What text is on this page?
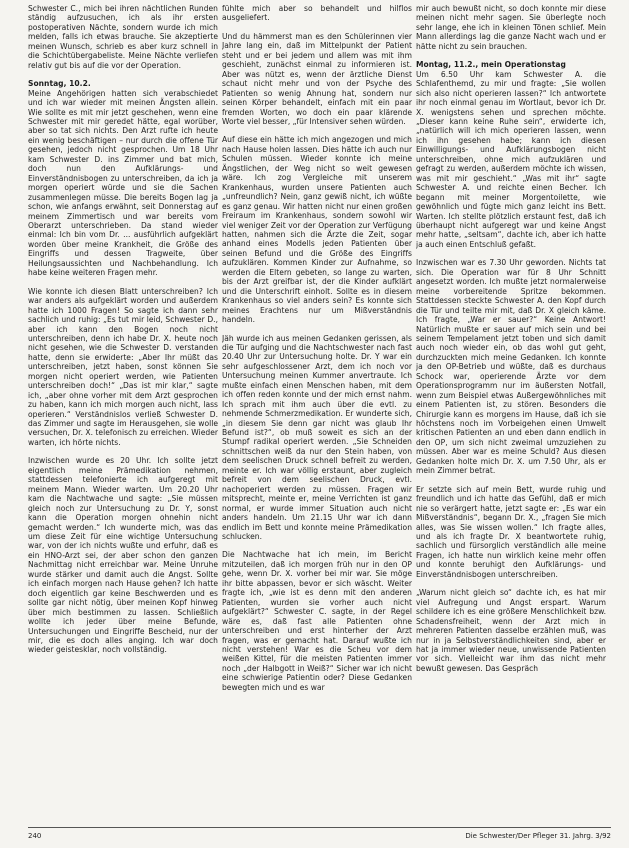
Schwester C., mich bei ihren nächtlichen Runden ständig aufzusuchen, ich als ihr ersten postoperativen Nächte, sondern wurde ich mich melden, falls ich etwas brauche. Sie akzeptierte meinen Wunsch, schrieb es aber kurz schnell in die Schichtübergabeliste. Meine Nächte verliefen relativ gut bis auf die vor der Operation.

Sonntag, 10.2.

Meine Angehörigen hatten sich verabschiedet und ich war wieder mit meinen Ängsten allein. Wie sollte es mit mir jetzt geschehen, wenn eine Schwester mit mir geredet hätte, egal worüber, aber so tat sich nichts. Den Arzt rufte ich heute ein wenig beschäftigen – nur durch die offene Tür gesehen, jedoch nicht gesprochen. Um 18 Uhr kam Schwester D. ins Zimmer und bat mich, doch nun den Aufklärungs- und Einverständnisbogen zu unterschreiben, da ich ja morgen operiert würde und sie die Sachen zusammenlegen müsse. Die bereits Bogen lag ja schon, wie anfangs erwähnt, seit Donnerstag auf meinem Zimmertisch und war bereits vom Oberarzt unterschrieben. Da stand wieder einmal: Ich bin vom Dr. ... ausführlich aufgeklärt worden über meine Krankheit, die Größe des Eingriffs und dessen Tragweite, über Heilungsaussichten und Nachbehandlung. Ich habe keine weiteren Fragen mehr.

Wie konnte ich diesen Blatt unterschreiben? Ich war anders als aufgeklärt worden und außerdem hatte ich 1000 Fragen! So sagte ich dann sehr sachlich und ruhig: „Es tut mir leid, Schwester D., aber ich kann den Bogen noch nicht unterschreiben, denn ich habe Dr. X. heute noch nicht gesehen, wie die Schwester D. verstanden hatte, denn sie erwiderte: „Aber Ihr müßt das unterschreiben, jetzt haben, sonst können Sie morgen nicht operiert werden, wie Patienten unterschreiben doch!“ „Das ist mir klar,“ sagte ich, „aber ohne vorher mit dem Arzt gesprochen zu haben, kann ich mich morgen auch nicht, lass operieren.“ Verständnislos verließ Schwester D. das Zimmer und sagte im Herausgehen, sie wolle versuchen, Dr. X. telefonisch zu erreichen. Wieder warten, ich hörte nichts.

Inzwischen wurde es 20 Uhr. Ich sollte jetzt eigentlich meine Prämedikation nehmen, stattdessen telefonierte ich aufgeregt mit meinem Mann. Wieder warten. Um 20.20 Uhr kam die Nachtwache und sagte: „Sie müssen gleich noch zur Untersuchung zu Dr. Y, sonst kann die Operation morgen ohnehin nicht gemacht werden.“ Ich wunderte mich, was das um diese Zeit für eine wichtige Untersuchung war, von der ich nichts wußte und erfuhr, daß es ein HNO-Arzt sei, der aber schon den ganzen Nachmittag nicht erreichbar war. Meine Unruhe wurde stärker und damit auch die Angst. Sollte ich einfach morgen nach Hause gehen? Ich hatte doch eigentlich gar keine Beschwerden und es sollte gar nicht nötig, über meinen Kopf hinweg über mich bestimmen zu lassen. Schließlich wollte ich jeder über meine Befunde, Untersuchungen und Eingriffe Bescheid, nur der mir, die es doch alles anging. Ich war doch wieder geistesklar, noch vollständig.

fühlte mich aber so behandelt und hilflos ausgeliefert.

Und du hämmerst man es den Schülerinnen vier Jahre lang ein, daß im Mittelpunkt der Patient steht und er bei jedem und allem was mit ihm geschieht, zunächst einmal zu informieren ist. Aber was nützt es, wenn der ärztliche Dienst schaut nicht mehr und von der Psyche des Patienten so wenig Ahnung hat, sondern nur seinen Körper behandelt, einfach mit ein paar fremden Worten, wo doch ein paar klärende Worte viel besser, „für Intensiver sehen würden.

Auf diese ein hätte ich mich angezogen und mich nach Hause holen lassen. Dies hätte ich auch nur Schulen müssen. Wieder konnte ich meine Ängstlichen, der Weg nicht so weit gewesen wäre. Ich zog Vergleiche mit unserem Krankenhaus, wurden unsere Patienten auch „unfreundlich? Nein, ganz gewiß nicht, ich wüßte es ganz genau. Wir hatten nicht nur einen großen Freiraum im Krankenhaus, sondern sowohl wir viel weniger Zeit vor der Operation zur Verfügung hatten, nahmen sich die Ärzte die Zeit, sogar anhand eines Modells jeden Patienten über seinen Befund und die Größe des Eingriffs aufzuklären. Kommen Kinder zur Aufnahme, so werden die Eltern gebeten, so lange zu warten, bis der Arzt greifbar ist, der die Kinder aufklärt und die Unterschrift einholt. Sollte es in diesem Krankenhaus so viel anders sein? Es konnte sich meines Erachtens nur um Mißverständnis handeln.

Jäh wurde ich aus meinen Gedanken gerissen, als die Tür aufging und die Nachtschwester nach fast 20.40 Uhr zur Untersuchung holte. Dr. Y war ein sehr aufgeschlossener Arzt, dem ich noch vor Untersuchung meinen Kummer anvertraute. Ich mußte einfach einen Menschen haben, mit dem ich offen reden konnte und der mich ernst nahm. Ich sprach mit ihm auch über die evtl. zu nehmende Schmerzmedikation. Er wunderte sich, „in diesem Sie denn gar nicht was glaub Ihr Befund ist?“, ob muß soweit es sich an der Stumpf radikal operiert werden. „Sie Schneiden schnittschen weiß da nur den Stein haben, von dem seelischen Druck schnell befreit zu werden, meinte er. Ich war völlig erstaunt, aber zugleich befreit von dem seelischen Druck, evtl. nachoperiert werden zu müssen. Fragen wir mitsprecht, meinte er, meine Verrichten ist ganz normal, er wurde immer Situation auch nicht anders handeln. Um 21.15 Uhr war ich dann endlich im Bett und konnte meine Prämedikation schlucken.

Die Nachtwache hat ich mein, im Bericht mitzuteilen, daß ich morgen früh nur in den OP gehe, wenn Dr. X. vorher bei mir war. Sie möge ihr bitte abpassen, bevor er sich wäscht. Weiter fragte ich, „wie ist es denn mit den anderen Patienten, wurden sie vorher auch nicht aufgeklärt?“ Schwester C. sagte, in der Regel wäre es, daß fast alle Patienten ohne unterschreiben und erst hinterher der Arzt fragen, was er gemacht hat. Darauf wußte ich nicht verstehen! War es die Scheu vor dem weißen Kittel, für die meisten Patienten immer noch „der Halbgott in Weiß?“ Sicher war ich nicht eine schwierige Patientin oder? Diese Gedanken bewegten mich und es war

mir auch bewußt nicht, so doch konnte mir diese meinen nicht mehr sagen. Sie überlegte noch sehr lange, ehe ich in kleinen Tönen schlief. Mein Mann allerdings lag die ganze Nacht wach und er hätte nicht zu sein brauchen.

Montag, 11.2., mein Operationstag

Um 6.50 Uhr kam Schwester A. die Schlafenthemd, zu mir und fragte: „Sie wollen sich also nicht operieren lassen?“ Ich antwortete ihr noch einmal genau im Wortlaut, bevor ich Dr. X. wenigstens sehen und sprechen möchte. „Dieser kann keine Ruhe sein“, erwiderte ich, „natürlich will ich mich operieren lassen, wenn ich ihn gesehen habe; kann ich diesen Einwilligungs- und Aufklärungsbogen nicht unterschreiben, ohne mich aufzuklären und gefragt zu werden, außerdem möchte ich wissen, was mit mir geschieht.“ „Was mit ihr“ sagte Schwester A. und reichte einen Becher. Ich begann mit meiner Morgentoilette, wie gewöhnlich und fügte mich ganz leicht ins Bett. Warten. Ich stellte plötzlich erstaunt fest, daß ich überhaupt nicht aufgeregt war und keine Angst mehr hatte, „seltsam“, dachte ich, aber ich hatte ja auch einen Entschluß gefaßt.

Inzwischen war es 7.30 Uhr geworden. Nichts tat sich. Die Operation war für 8 Uhr Schnitt angesetzt worden. Ich mußte jetzt normalerweise meine vorbereitende Spritze bekommen. Stattdessen steckte Schwester A. den Kopf durch die Tür und teilte mir mit, daß Dr. X gleich käme. Ich fragte, „War er sauer?“ Keine Antwort! Natürlich mußte er sauer auf mich sein und bei seinem Tempelament jetzt toben und sich damit auch noch wieder ein, ob das wohl gut geht, durchzuckten mich meine Gedanken. Ich konnte ja den OP-Betrieb und wüßte, daß es durchaus Schock war, operierende Ärzte vor dem Operationsprogramm nur im äußersten Notfall, wenn zum Beispiel etwas Außergewöhnliches mit einem Patienten ist, zu stören. Besonders die Chirurgie kann es morgens im Hause, daß ich sie höchstens noch im Vorbeigehen einen Umwelt kritischen Patienten an und eben dann endlich in den OP, um sich nicht zweimal umzuziehen zu müssen. Aber war es meine Schuld? Aus diesen Gedanken holte mich Dr. X. um 7.50 Uhr, als er mein Zimmer betrat.

Er setzte sich auf mein Bett, wurde ruhig und freundlich und ich hatte das Gefühl, daß er mich nie so verärgert hatte, jetzt sagte er: „Es war ein Mißverständnis“, begann Dr. X., „fragen Sie mich alles, was Sie wissen wollen.“ Ich fragte alles, und als ich fragte Dr. X beantwortete ruhig, sachlich und fürsorglich verständlich alle meine Fragen, ich hatte nun wirklich keine mehr offen und konnte beruhigt den Aufklärungs- und Einverständnisbogen unterschreiben.

„Warum nicht gleich so“ dachte ich, es hat mir viel Aufregung und Angst erspart. Warum schildere ich es eine größere Menschlichkeit bzw. Schadensfreiheit, wenn der Arzt mich in mehreren Patienten dasselbe erzählen muß, was nur in ja Selbstverständlichkeiten sind, aber er hat ja immer wieder neue, unwissende Patienten vor sich. Vielleicht war ihm das nicht mehr bewußt gewesen. Das Gespräch

240	Die Schwester/Der Pfleger 31. Jahrg. 3/92
